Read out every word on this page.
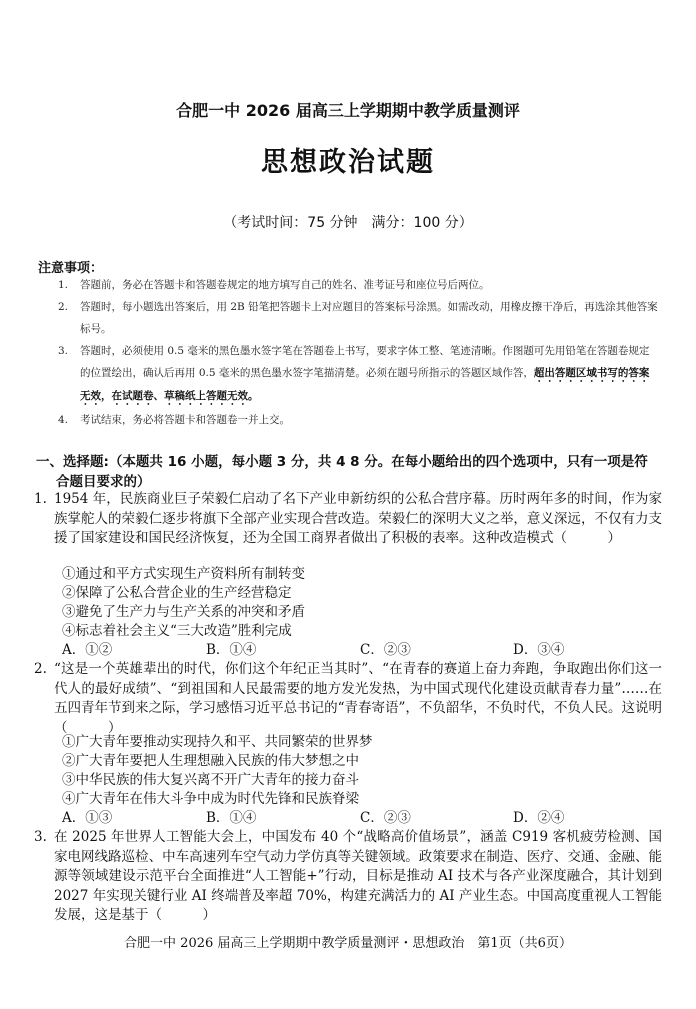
合肥一中 2026 届高三上学期期中教学质量测评
思想政治试题
（考试时间：75 分钟　满分：100 分）
注意事项：
1. 答题前，务必在答题卡和答题卷规定的地方填写自己的姓名、准考证号和座位号后两位。
2. 答题时，每小题选出答案后，用 2B 铅笔把答题卡上对应题目的答案标号涂黑。如需改动，用橡皮擦干净后，再选涂其他答案标号。
3. 答题时，必须使用 0.5 毫米的黑色墨水签字笔在答题卷上书写，要求字体工整、笔迹清晰。作图题可先用铅笔在答题卷规定的位置绘出，确认后再用 0.5 毫米的黑色墨水签字笔描清楚。必须在题号所指示的答题区域作答，超出答题区域书写的答案无效，在试题卷、草稿纸上答题无效。
4. 考试结束，务必将答题卡和答题卷一并上交。
一、选择题:（本题共 16 小题，每小题 3 分，共 4 8 分。在每小题给出的四个选项中，只有一项是符
合题目要求的）
1. 1954 年，民族商业巨子荣毅仁启动了名下产业申新纺织的公私合营序幕。历时两年多的时间，作为家族掌舵人的荣毅仁逐步将旗下全部产业实现合营改造。荣毅仁的深明大义之举，意义深远，不仅有力支援了国家建设和国民经济恢复，还为全国工商界者做出了积极的表率。这种改造模式（　　　）
①通过和平方式实现生产资料所有制转变
②保障了公私合营企业的生产经营稳定
③避免了生产力与生产关系的冲突和矛盾
④标志着社会主义“三大改造”胜利完成
A．①②	B．①④	C．②③	D．③④
2. “这是一个英雄辈出的时代，你们这个年纪正当其时”、“在青春的赛道上奋力奔跑，争取跑出你们这一代人的最好成绩”、“到祖国和人民最需要的地方发光发热，为中国式现代化建设贡献青春力量”……在五四青年节到来之际，学习感悟习近平总书记的“青春寄语”，不负韶华，不负时代，不负人民。这说明（　　　）
①广大青年要推动实现持久和平、共同繁荣的世界梦
②广大青年要把人生理想融入民族的伟大梦想之中
③中华民族的伟大复兴离不开广大青年的接力奋斗
④广大青年在伟大斗争中成为时代先锋和民族脊梁
A．①③	B．①④	C．②③	D．②④
3. 在 2025 年世界人工智能大会上，中国发布 40 个“战略高价值场景”，涵盖 C919 客机疲劳检测、国家电网线路巡检、中车高速列车空气动力学仿真等关键领域。政策要求在制造、医疗、交通、金融、能源等领域建设示范平台全面推进“人工智能+”行动，目标是推动 AI 技术与各产业深度融合，其计划到 2027 年实现关键行业 AI 终端普及率超 70%，构建充满活力的 AI 产业生态。中国高度重视人工智能发展，这是基于（　　　）
合肥一中 2026 届高三上学期期中教学质量测评・思想政治　第1页（共6页）
